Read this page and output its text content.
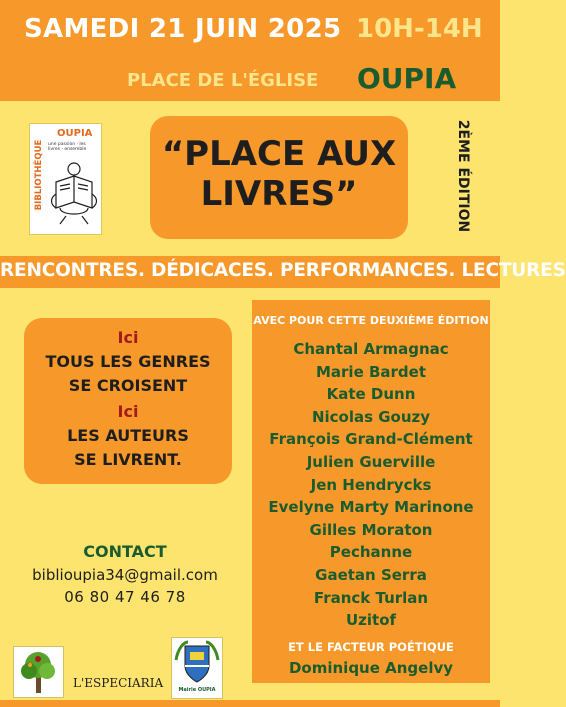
SAMEDI 21 JUIN 2025 10H-14H
PLACE DE L'ÉGLISE OUPIA
BIBLIOTHÈQUE
OUPIA
une passion · les livres · ensemble	“PLACE AUX
LIVRES”	2ÈME ÉDITION
RENCONTRES. DÉDICACES. PERFORMANCES. LECTURES
Ici
TOUS LES GENRES
SE CROISENT
Ici
LES AUTEURS
SE LIVRENT.
CONTACT
biblioupia34@gmail.com
06 80 47 46 78
AVEC POUR CETTE DEUXIÈME ÉDITION
Chantal Armagnac
Marie Bardet
Kate Dunn
Nicolas Gouzy
François Grand-Clément
Julien Guerville
Jen Hendrycks
Evelyne Marty Marinone
Gilles Moraton
Pechanne
Gaetan Serra
Franck Turlan
Uzitof
ET LE FACTEUR POÉTIQUE
Dominique Angelvy
L'ESPECIARIA	Mairie OUPIA
